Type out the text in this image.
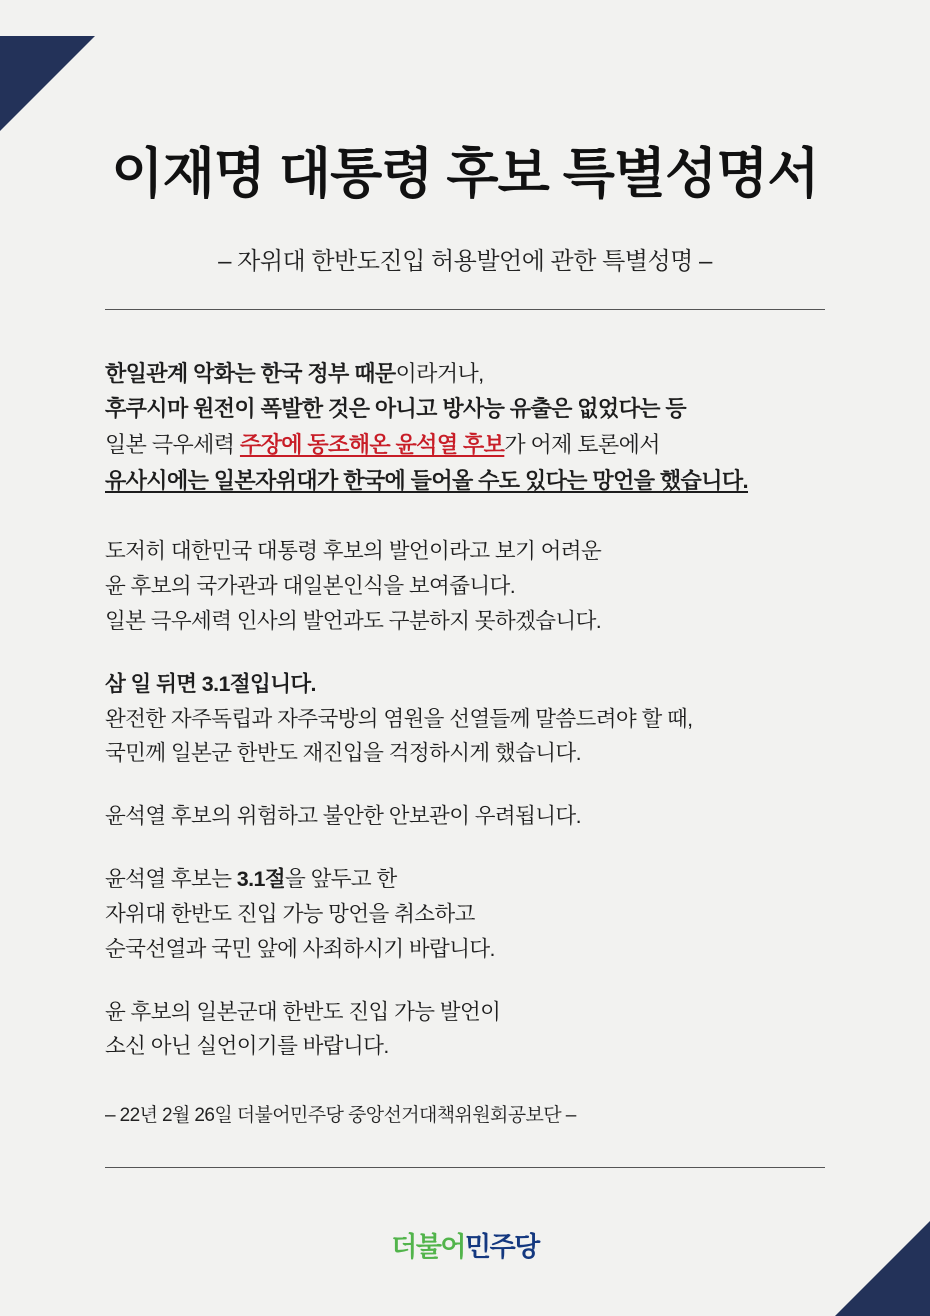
이재명 대통령 후보 특별성명서
– 자위대 한반도진입 허용발언에 관한 특별성명 –
한일관계 악화는 한국 정부 때문이라거나,
후쿠시마 원전이 폭발한 것은 아니고 방사능 유출은 없었다는 등
일본 극우세력 주장에 동조해온 윤석열 후보가 어제 토론에서
유사시에는 일본자위대가 한국에 들어올 수도 있다는 망언을 했습니다.
도저히 대한민국 대통령 후보의 발언이라고 보기 어려운
윤 후보의 국가관과 대일본인식을 보여줍니다.
일본 극우세력 인사의 발언과도 구분하지 못하겠습니다.
삼 일 뒤면 3.1절입니다.
완전한 자주독립과 자주국방의 염원을 선열들께 말씀드려야 할 때,
국민께 일본군 한반도 재진입을 걱정하시게 했습니다.
윤석열 후보의 위험하고 불안한 안보관이 우려됩니다.
윤석열 후보는 3.1절을 앞두고 한
자위대 한반도 진입 가능 망언을 취소하고
순국선열과 국민 앞에 사죄하시기 바랍니다.
윤 후보의 일본군대 한반도 진입 가능 발언이
소신 아닌 실언이기를 바랍니다.
– 22년 2월 26일 더불어민주당 중앙선거대책위원회공보단 –
더불어민주당
